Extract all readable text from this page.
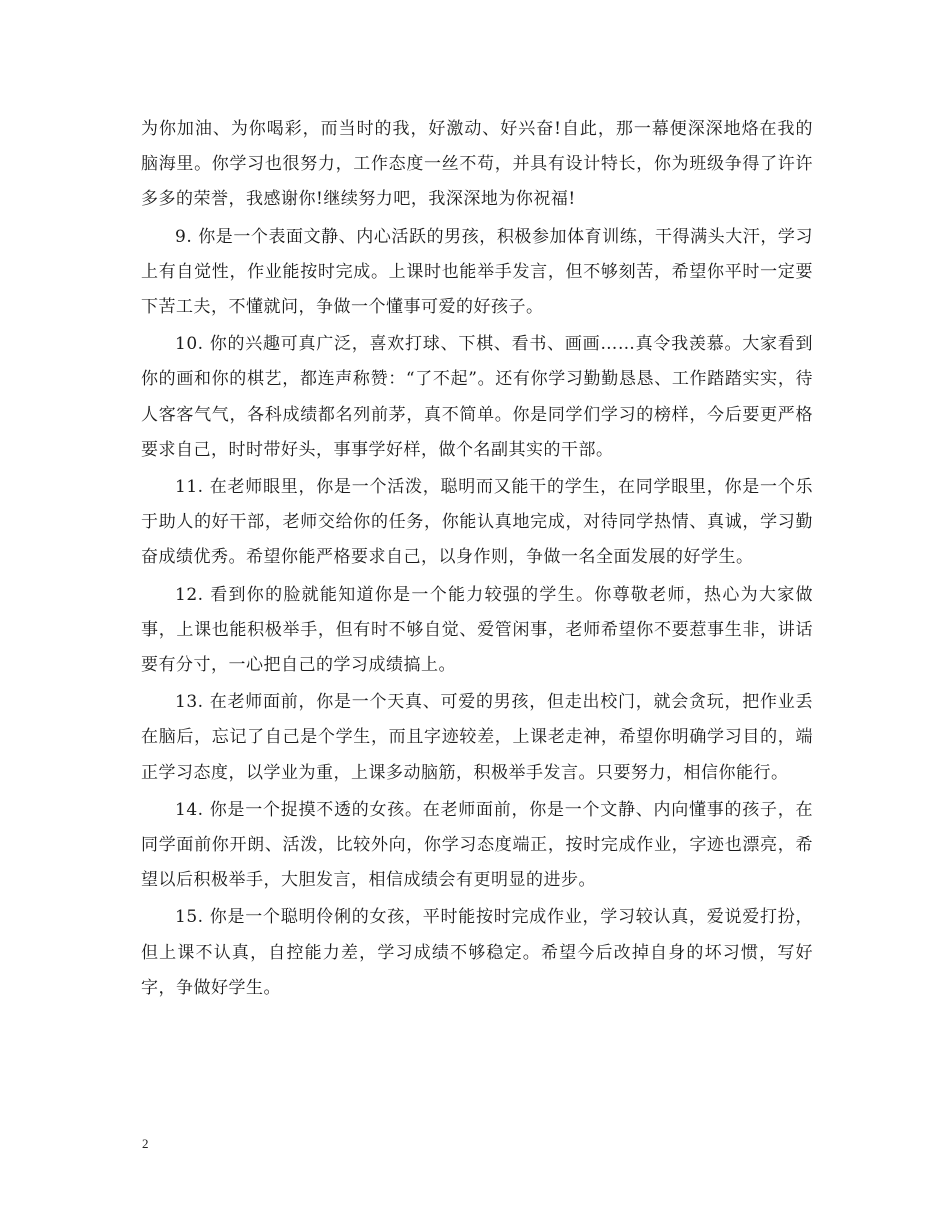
为你加油、为你喝彩，而当时的我，好激动、好兴奋!自此，那一幕便深深地烙在我的脑海里。你学习也很努力，工作态度一丝不苟，并具有设计特长，你为班级争得了许许多多的荣誉，我感谢你!继续努力吧，我深深地为你祝福!

9. 你是一个表面文静、内心活跃的男孩，积极参加体育训练，干得满头大汗，学习上有自觉性，作业能按时完成。上课时也能举手发言，但不够刻苦，希望你平时一定要下苦工夫，不懂就问，争做一个懂事可爱的好孩子。

10. 你的兴趣可真广泛，喜欢打球、下棋、看书、画画……真令我羡慕。大家看到你的画和你的棋艺，都连声称赞：“了不起”。还有你学习勤勤恳恳、工作踏踏实实，待人客客气气，各科成绩都名列前茅，真不简单。你是同学们学习的榜样，今后要更严格要求自己，时时带好头，事事学好样，做个名副其实的干部。

11. 在老师眼里，你是一个活泼，聪明而又能干的学生，在同学眼里，你是一个乐于助人的好干部，老师交给你的任务，你能认真地完成，对待同学热情、真诚，学习勤奋成绩优秀。希望你能严格要求自己，以身作则，争做一名全面发展的好学生。

12. 看到你的脸就能知道你是一个能力较强的学生。你尊敬老师，热心为大家做事，上课也能积极举手，但有时不够自觉、爱管闲事，老师希望你不要惹事生非，讲话要有分寸，一心把自己的学习成绩搞上。

13. 在老师面前，你是一个天真、可爱的男孩，但走出校门，就会贪玩，把作业丢在脑后，忘记了自己是个学生，而且字迹较差，上课老走神，希望你明确学习目的，端正学习态度，以学业为重，上课多动脑筋，积极举手发言。只要努力，相信你能行。

14. 你是一个捉摸不透的女孩。在老师面前，你是一个文静、内向懂事的孩子，在同学面前你开朗、活泼，比较外向，你学习态度端正，按时完成作业，字迹也漂亮，希望以后积极举手，大胆发言，相信成绩会有更明显的进步。

15. 你是一个聪明伶俐的女孩，平时能按时完成作业，学习较认真，爱说爱打扮，但上课不认真，自控能力差，学习成绩不够稳定。希望今后改掉自身的坏习惯，写好字，争做好学生。

2
